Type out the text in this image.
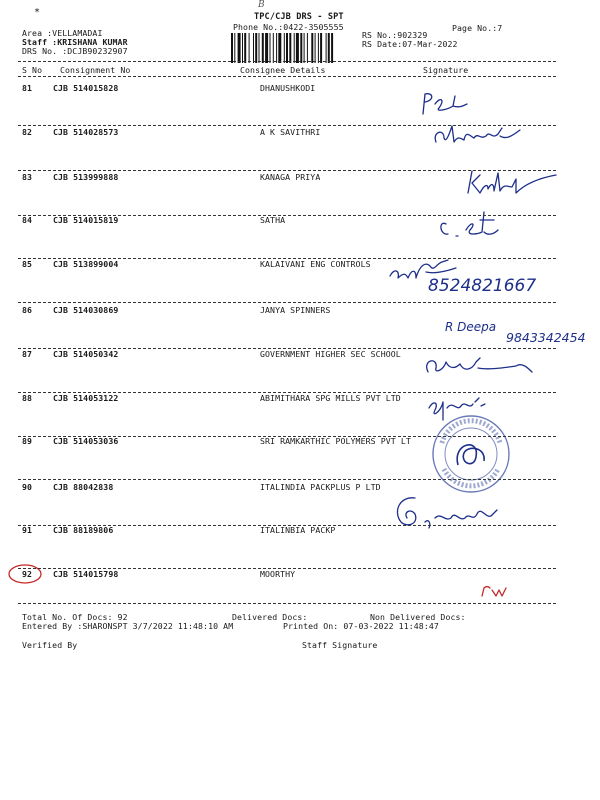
*
B
TPC/CJB DRS - SPT
Phone No.:0422-3505555	Page No.:7
Area :VELLAMADAI
Staff :KRISHANA KUMAR
DRS No. :DCJB90232907
RS No.:902329
RS Date:07-Mar-2022
S No Consignment No	Consignee Details	Signature
81	CJB 514015828	DHANUSHKODI
82	CJB 514028573	A K SAVITHRI
83	CJB 513999888	KANAGA PRIYA
84	CJB 514015819	SATHA
85	CJB 513899004	KALAIVANI ENG CONTROLS
86	CJB 514030869	JANYA SPINNERS
87	CJB 514050342	GOVERNMENT HIGHER SEC SCHOOL
88	CJB 514053122	ABIMITHARA SPG MILLS PVT LTD
89	CJB 514053036	SRI RAMKARTHIC POLYMERS PVT LT
90	CJB 88042838	ITALINDIA PACKPLUS P LTD
91	CJB 88189806	ITALINBIA PACKP
92	CJB 514015798	MOORTHY
8524821667
R Deepa
9843342454
Total No. Of Docs: 92	Delivered Docs:	Non Delivered Docs:
Entered By :SHARONSPT 3/7/2022 11:48:10 AM	Printed On: 07-03-2022 11:48:47
Verified By	Staff Signature
